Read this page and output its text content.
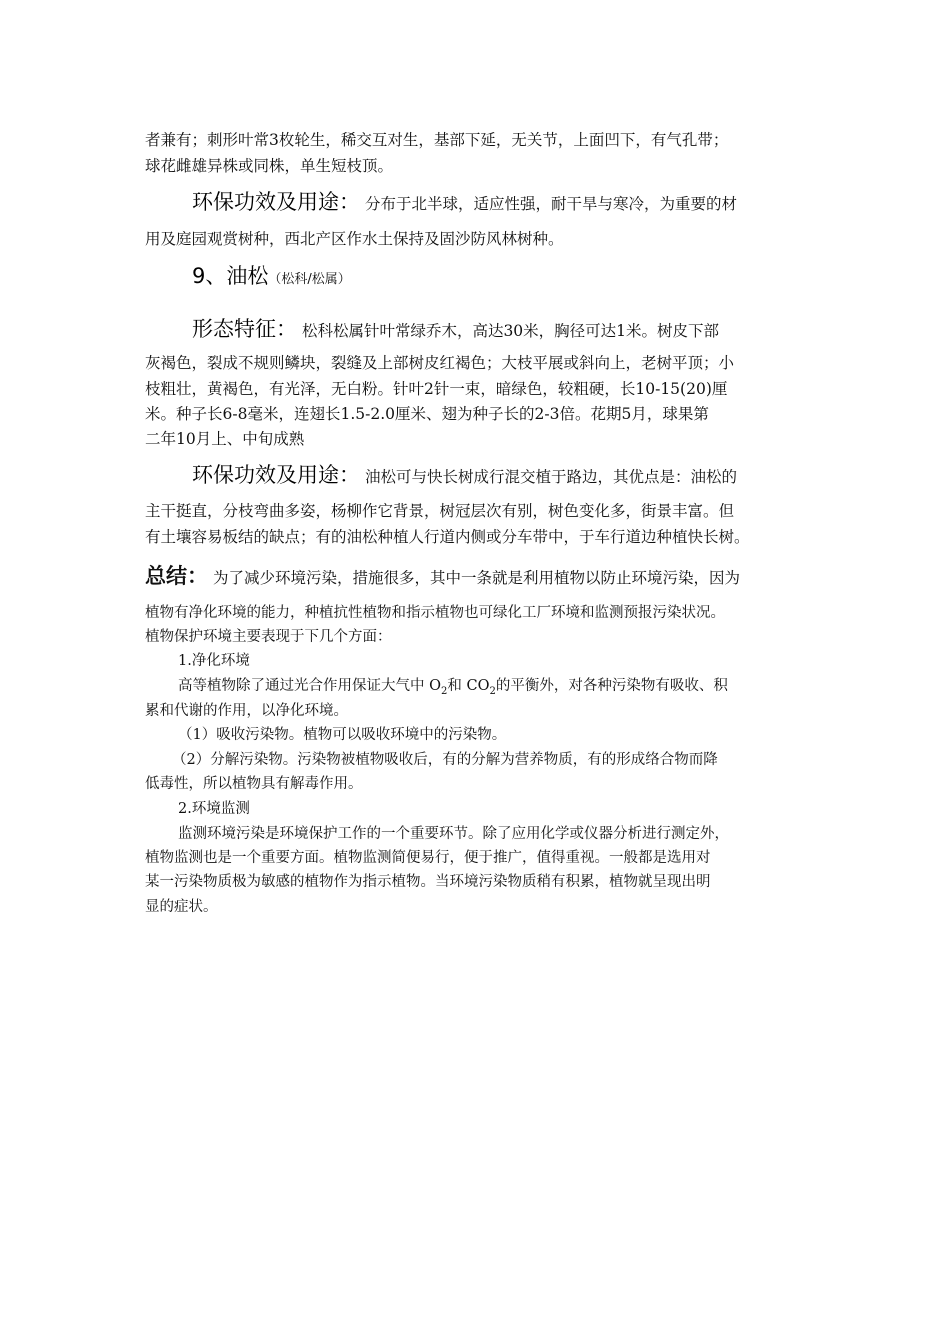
者兼有；刺形叶常3枚轮生，稀交互对生，基部下延，无关节，上面凹下，有气孔带；
球花雌雄异株或同株，单生短枝顶。
环保功效及用途： 分布于北半球，适应性强，耐干旱与寒冷，为重要的材
用及庭园观赏树种，西北产区作水土保持及固沙防风林树种。
9、油松（松科/松属）
形态特征： 松科松属针叶常绿乔木，高达30米，胸径可达1米。树皮下部
灰褐色，裂成不规则鳞块，裂缝及上部树皮红褐色；大枝平展或斜向上，老树平顶；小
枝粗壮，黄褐色，有光泽，无白粉。针叶2针一束，暗绿色，较粗硬，长10-15(20)厘
米。种子长6-8毫米，连翅长1.5-2.0厘米、翅为种子长的2-3倍。花期5月，球果第
二年10月上、中旬成熟
环保功效及用途： 油松可与快长树成行混交植于路边，其优点是：油松的
主干挺直，分枝弯曲多姿，杨柳作它背景，树冠层次有别，树色变化多，街景丰富。但
有土壤容易板结的缺点；有的油松种植人行道内侧或分车带中，于车行道边种植快长树。
总结： 为了减少环境污染，措施很多，其中一条就是利用植物以防止环境污染，因为
植物有净化环境的能力，种植抗性植物和指示植物也可绿化工厂环境和监测预报污染状况。
植物保护环境主要表现于下几个方面：
1.净化环境
高等植物除了通过光合作用保证大气中 $O_2$和 $CO_2$的平衡外，对各种污染物有吸收、积
累和代谢的作用，以净化环境。
（1）吸收污染物。植物可以吸收环境中的污染物。
（2）分解污染物。污染物被植物吸收后，有的分解为营养物质，有的形成络合物而降
低毒性，所以植物具有解毒作用。
2.环境监测
监测环境污染是环境保护工作的一个重要环节。除了应用化学或仪器分析进行测定外，
植物监测也是一个重要方面。植物监测简便易行，便于推广，值得重视。一般都是选用对
某一污染物质极为敏感的植物作为指示植物。当环境污染物质稍有积累，植物就呈现出明
显的症状。
